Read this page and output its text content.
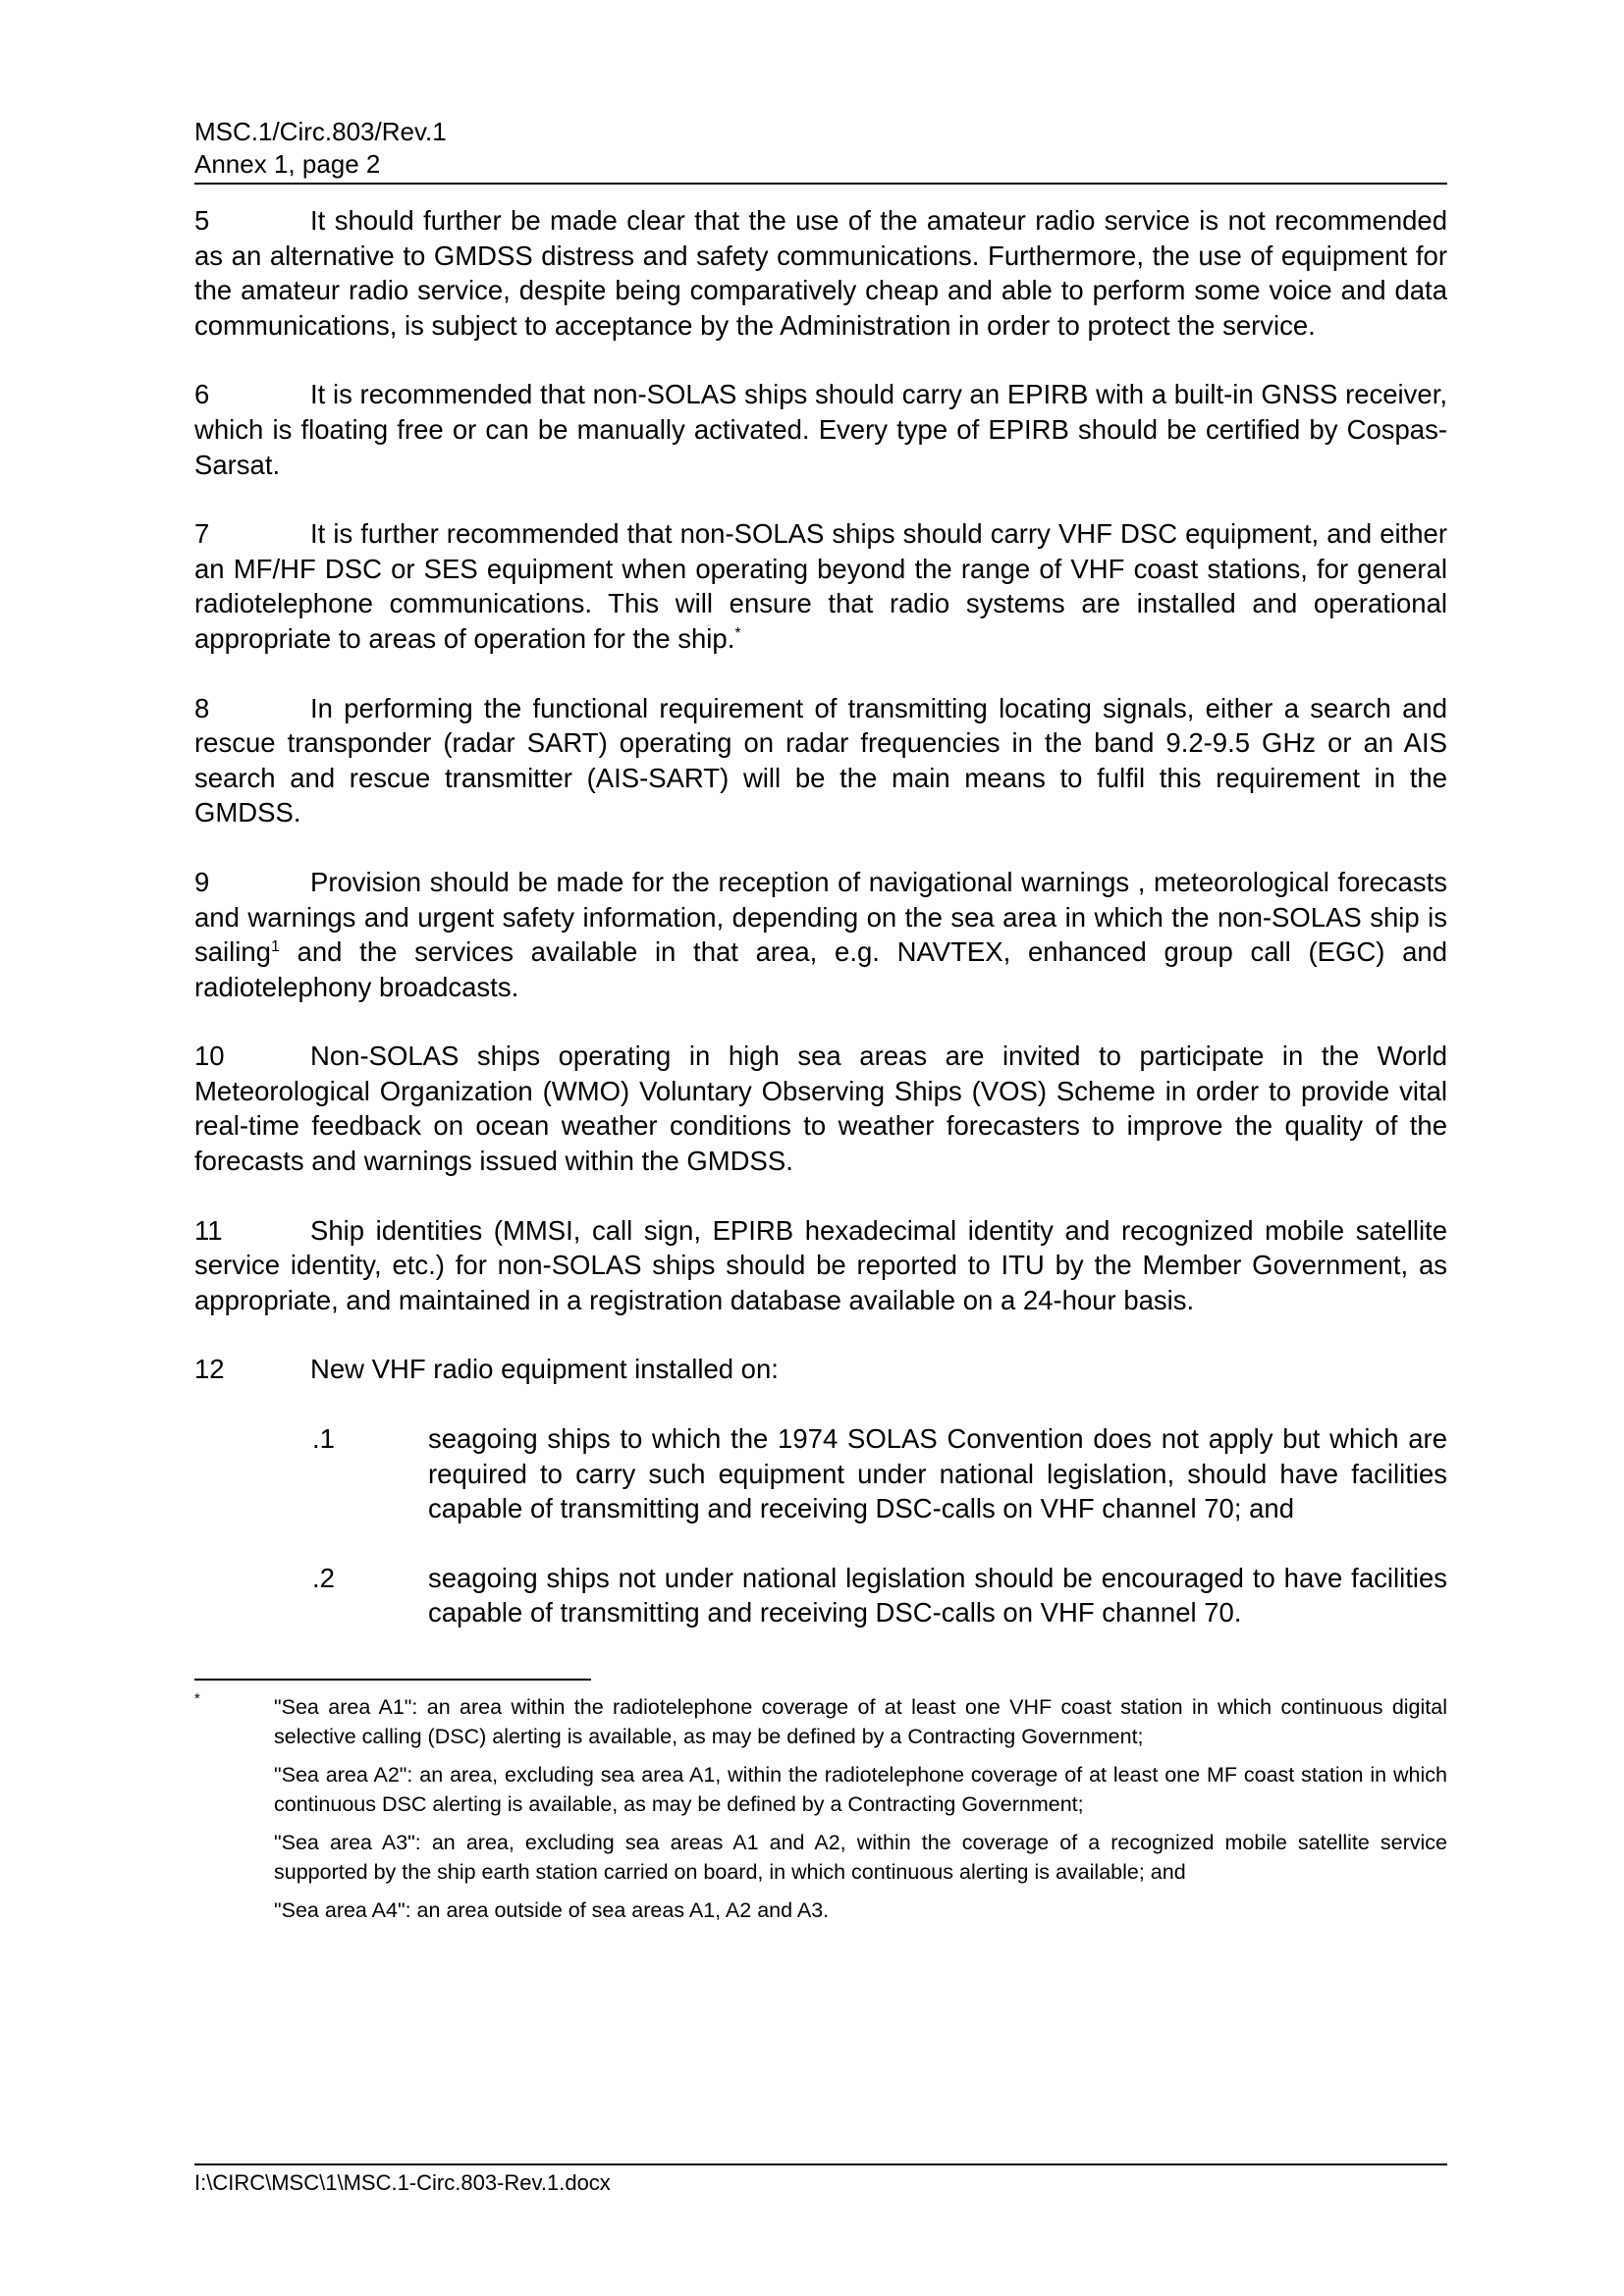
MSC.1/Circ.803/Rev.1
Annex 1, page 2
5	It should further be made clear that the use of the amateur radio service is not recommended as an alternative to GMDSS distress and safety communications. Furthermore, the use of equipment for the amateur radio service, despite being comparatively cheap and able to perform some voice and data communications, is subject to acceptance by the Administration in order to protect the service.
6	It is recommended that non-SOLAS ships should carry an EPIRB with a built-in GNSS receiver, which is floating free or can be manually activated. Every type of EPIRB should be certified by Cospas-Sarsat.
7	It is further recommended that non-SOLAS ships should carry VHF DSC equipment, and either an MF/HF DSC or SES equipment when operating beyond the range of VHF coast stations, for general radiotelephone communications. This will ensure that radio systems are installed and operational appropriate to areas of operation for the ship.*
8	In performing the functional requirement of transmitting locating signals, either a search and rescue transponder (radar SART) operating on radar frequencies in the band 9.2-9.5 GHz or an AIS search and rescue transmitter (AIS-SART) will be the main means to fulfil this requirement in the GMDSS.
9	Provision should be made for the reception of navigational warnings , meteorological forecasts and warnings and urgent safety information, depending on the sea area in which the non-SOLAS ship is sailing$^1$ and the services available in that area, e.g. NAVTEX, enhanced group call (EGC) and radiotelephony broadcasts.
10	Non-SOLAS ships operating in high sea areas are invited to participate in the World Meteorological Organization (WMO) Voluntary Observing Ships (VOS) Scheme in order to provide vital real-time feedback on ocean weather conditions to weather forecasters to improve the quality of the forecasts and warnings issued within the GMDSS.
11	Ship identities (MMSI, call sign, EPIRB hexadecimal identity and recognized mobile satellite service identity, etc.) for non-SOLAS ships should be reported to ITU by the Member Government, as appropriate, and maintained in a registration database available on a 24-hour basis.
12	New VHF radio equipment installed on:
.1	seagoing ships to which the 1974 SOLAS Convention does not apply but which are required to carry such equipment under national legislation, should have facilities capable of transmitting and receiving DSC-calls on VHF channel 70; and
.2	seagoing ships not under national legislation should be encouraged to have facilities capable of transmitting and receiving DSC-calls on VHF channel 70.
*	"Sea area A1": an area within the radiotelephone coverage of at least one VHF coast station in which continuous digital selective calling (DSC) alerting is available, as may be defined by a Contracting Government;

"Sea area A2": an area, excluding sea area A1, within the radiotelephone coverage of at least one MF coast station in which continuous DSC alerting is available, as may be defined by a Contracting Government;

"Sea area A3": an area, excluding sea areas A1 and A2, within the coverage of a recognized mobile satellite service supported by the ship earth station carried on board, in which continuous alerting is available; and

"Sea area A4": an area outside of sea areas A1, A2 and A3.

I:\CIRC\MSC\1\MSC.1-Circ.803-Rev.1.docx
